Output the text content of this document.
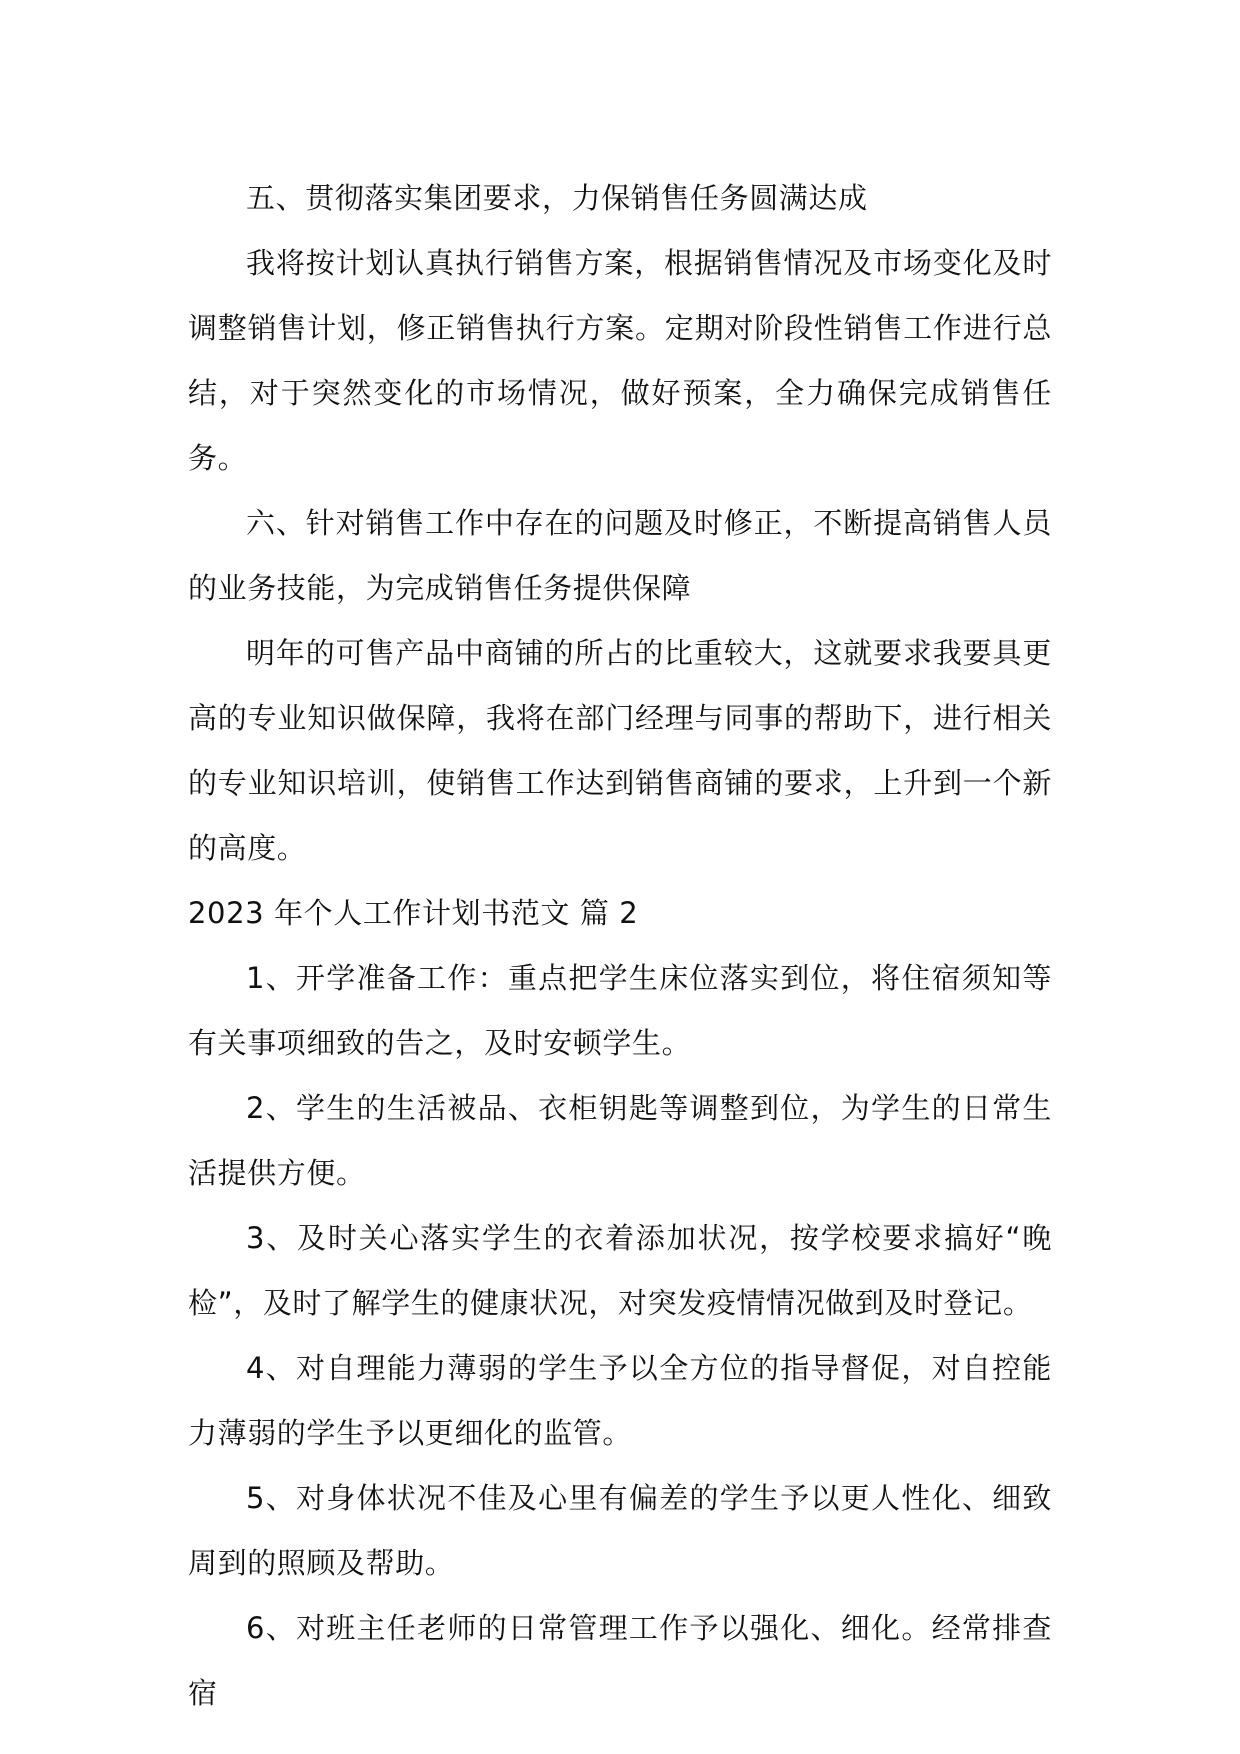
五、贯彻落实集团要求，力保销售任务圆满达成

我将按计划认真执行销售方案，根据销售情况及市场变化及时调整销售计划，修正销售执行方案。定期对阶段性销售工作进行总结，对于突然变化的市场情况，做好预案，全力确保完成销售任务。

六、针对销售工作中存在的问题及时修正，不断提高销售人员的业务技能，为完成销售任务提供保障

明年的可售产品中商铺的所占的比重较大，这就要求我要具更高的专业知识做保障，我将在部门经理与同事的帮助下，进行相关的专业知识培训，使销售工作达到销售商铺的要求，上升到一个新的高度。

2023 年个人工作计划书范文 篇 2

1、开学准备工作：重点把学生床位落实到位，将住宿须知等有关事项细致的告之，及时安顿学生。

2、学生的生活被品、衣柜钥匙等调整到位，为学生的日常生活提供方便。

3、及时关心落实学生的衣着添加状况，按学校要求搞好“晚检”，及时了解学生的健康状况，对突发疫情情况做到及时登记。

4、对自理能力薄弱的学生予以全方位的指导督促，对自控能力薄弱的学生予以更细化的监管。

5、对身体状况不佳及心里有偏差的学生予以更人性化、细致周到的照顾及帮助。

6、对班主任老师的日常管理工作予以强化、细化。经常排查宿
